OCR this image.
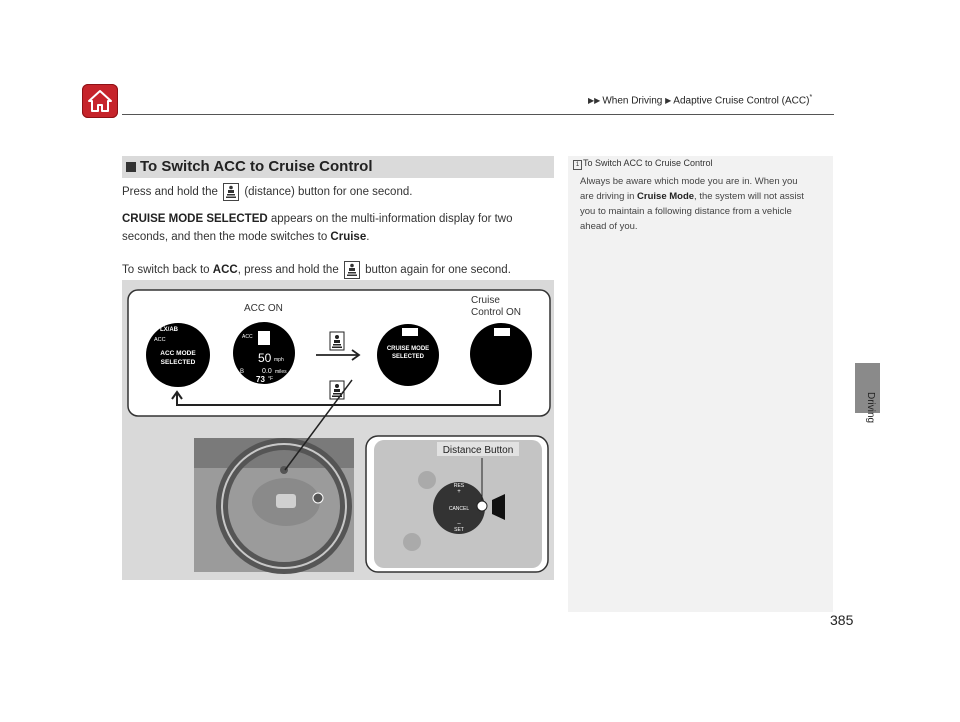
▶▶ When Driving ▶ Adaptive Cruise Control (ACC)*
Driving
To Switch ACC to Cruise Control
Press and hold the (distance) button for one second.
CRUISE MODE SELECTED appears on the multi-information display for two
seconds, and then the mode switches to Cruise.
To switch back to ACC, press and hold the button again for one second.
1 To Switch ACC to Cruise Control
Always be aware which mode you are in. When you
are driving in Cruise Mode, the system will not assist
you to maintain a following distance from a vehicle
ahead of you.
LX/AB
ACC
ACC MODE
SELECTED
ACC
50 mph
B	0.0 miles
73 °F
CRUISE MODE
SELECTED
ACC ON
Cruise
Control ON
RES
+
CANCEL
–
SET
Distance Button
385
